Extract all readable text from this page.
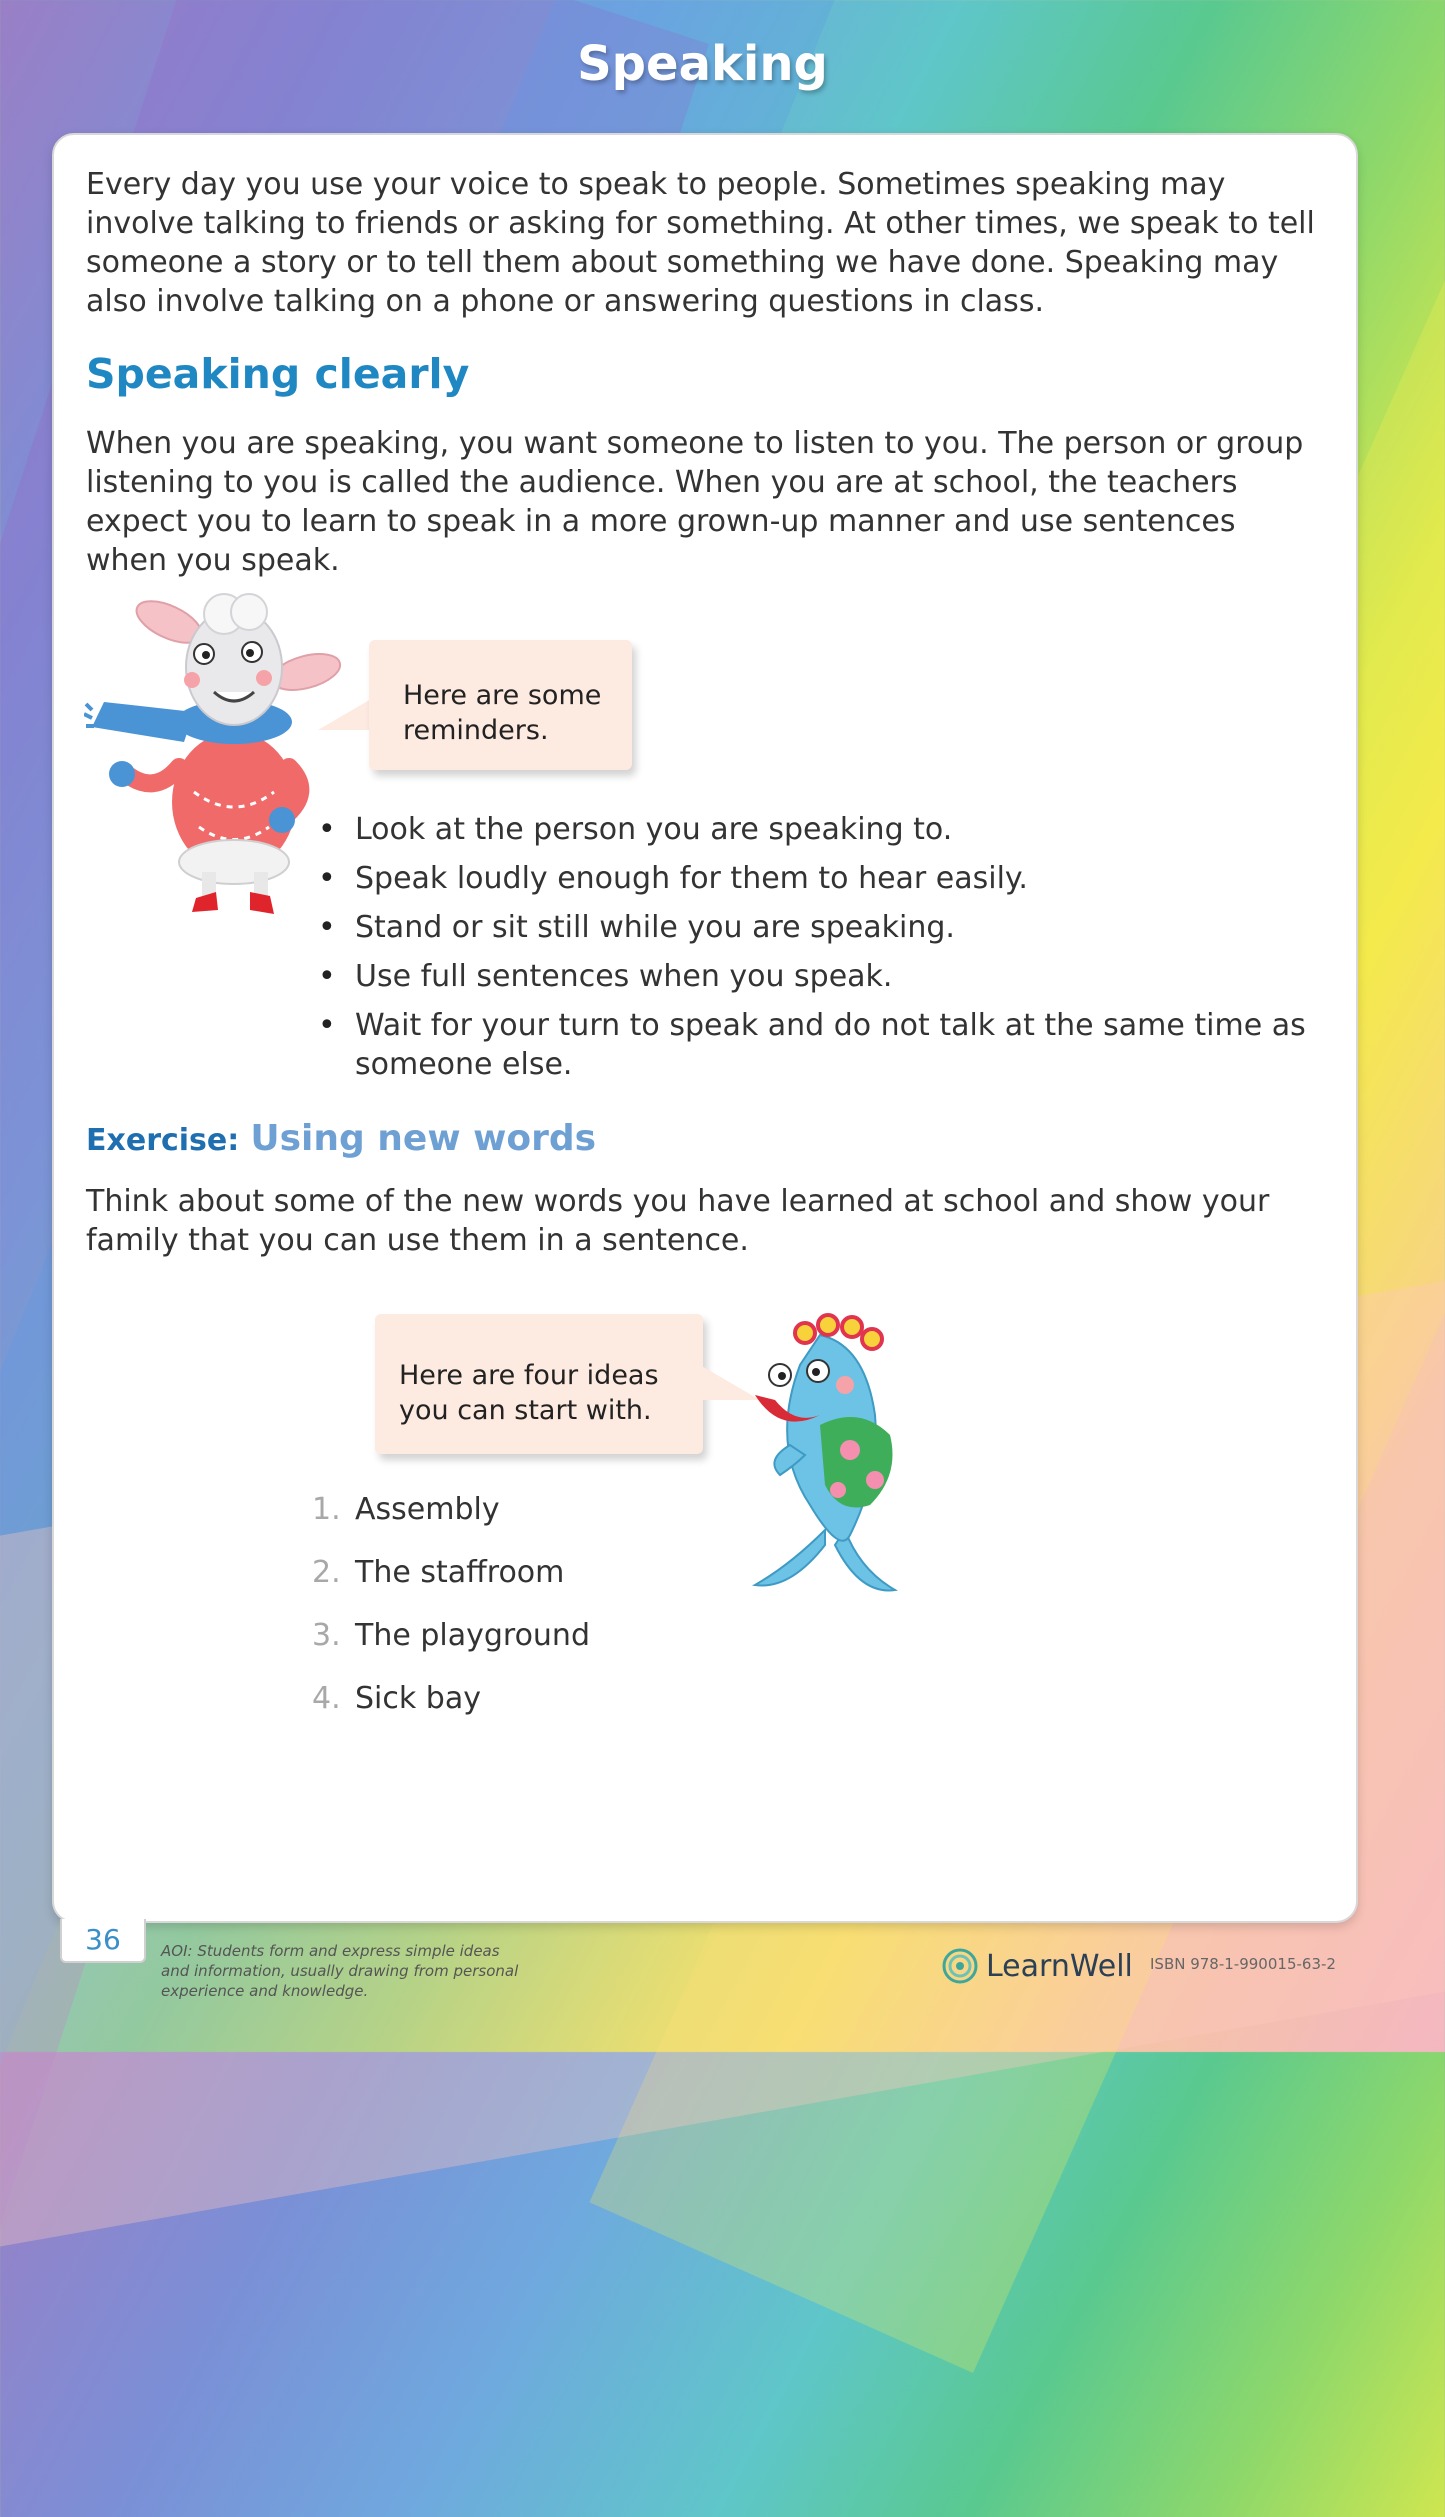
Speaking

Every day you use your voice to speak to people. Sometimes speaking may involve talking to friends or asking for something. At other times, we speak to tell someone a story or to tell them about something we have done. Speaking may also involve talking on a phone or answering questions in class.

Speaking clearly

When you are speaking, you want someone to listen to you. The person or group listening to you is called the audience. When you are at school, the teachers expect you to learn to speak in a more grown-up manner and use sentences when you speak.

Here are some
reminders.
• Look at the person you are speaking to.
• Speak loudly enough for them to hear easily.
• Stand or sit still while you are speaking.
• Use full sentences when you speak.
• Wait for your turn to speak and do not talk at the same time as someone else.
Exercise: Using new words

Think about some of the new words you have learned at school and show your family that you can use them in a sentence.

Here are four ideas
you can start with.
1. Assembly
2. The staffroom
3. The playground
4. Sick bay
36	AOI: Students form and express simple ideas
and information, usually drawing from personal
experience and knowledge.
LearnWell ISBN 978-1-990015-63-2
